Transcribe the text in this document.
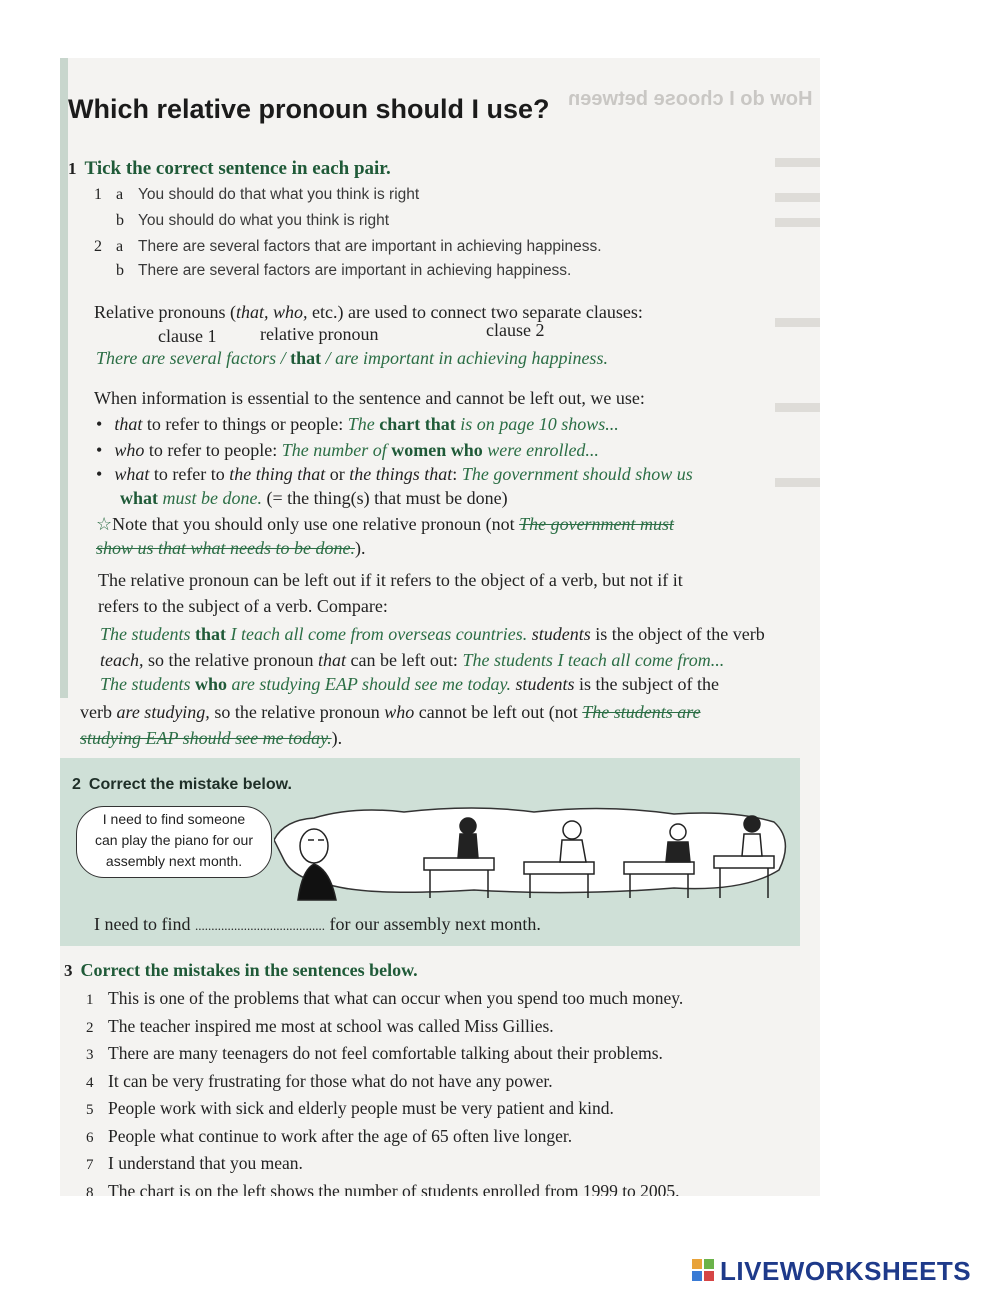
How do I choose between
Which relative pronoun should I use?
1 Tick the correct sentence in each pair.
1 a You should do that what you think is right
b You should do what you think is right
2 a There are several factors that are important in achieving happiness.
b There are several factors are important in achieving happiness.
Relative pronouns (that, who, etc.) are used to connect two separate clauses:
clause 1 relative pronoun	clause 2
There are several factors / that / are important in achieving happiness.
When information is essential to the sentence and cannot be left out, we use:
• that to refer to things or people: The chart that is on page 10 shows...
• who to refer to people: The number of women who were enrolled...
• what to refer to the thing that or the things that: The government should show us
what must be done. (= the thing(s) that must be done)
☆Note that you should only use one relative pronoun (not The government must
show us that what needs to be done.).
The relative pronoun can be left out if it refers to the object of a verb, but not if it
refers to the subject of a verb. Compare:
The students that I teach all come from overseas countries. students is the object of the verb
teach, so the relative pronoun that can be left out: The students I teach all come from...
The students who are studying EAP should see me today. students is the subject of the
verb are studying, so the relative pronoun who cannot be left out (not The students are
studying EAP should see me today.).
2 Correct the mistake below.
I need to find someone
can play the piano for our
assembly next month.
I need to find ........................................ for our assembly next month.
3 Correct the mistakes in the sentences below.
1 This is one of the problems that what can occur when you spend too much money.
2 The teacher inspired me most at school was called Miss Gillies.
3 There are many teenagers do not feel comfortable talking about their problems.
4 It can be very frustrating for those what do not have any power.
5 People work with sick and elderly people must be very patient and kind.
6 People what continue to work after the age of 65 often live longer.
7 I understand that you mean.
8 The chart is on the left shows the number of students enrolled from 1999 to 2005.
LIVEWORKSHEETS
